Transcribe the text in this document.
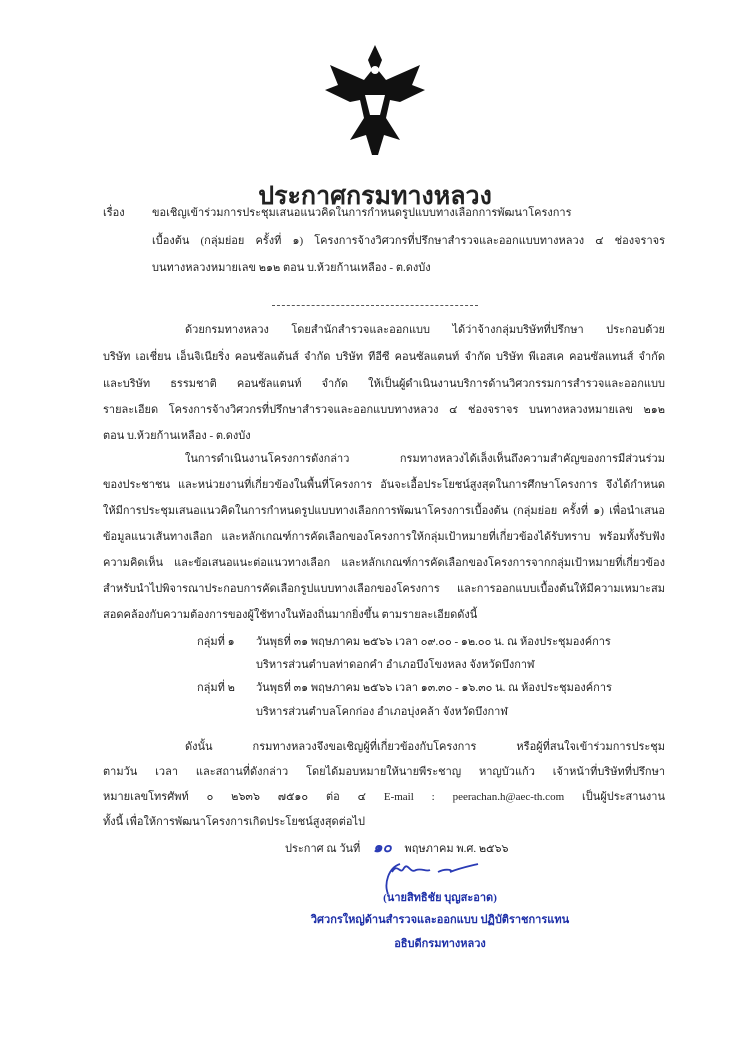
ประกาศกรมทางหลวง
เรื่อง ขอเชิญเข้าร่วมการประชุมเสนอแนวคิดในการกำหนดรูปแบบทางเลือกการพัฒนาโครงการ
เบื้องต้น (กลุ่มย่อย ครั้งที่ ๑) โครงการจ้างวิศวกรที่ปรึกษาสำรวจและออกแบบทางหลวง ๔ ช่องจราจร
บนทางหลวงหมายเลข ๒๑๒ ตอน บ.ห้วยก้านเหลือง - ต.ดงบัง
ด้วยกรมทางหลวง โดยสำนักสำรวจและออกแบบ ได้ว่าจ้างกลุ่มบริษัทที่ปรึกษา ประกอบด้วย
บริษัท เอเชี่ยน เอ็นจิเนียริ่ง คอนซัลแต้นส์ จำกัด บริษัท ทีอีซี คอนซัลแตนท์ จำกัด บริษัท พีเอสเค คอนซัลแทนส์ จำกัด
และบริษัท ธรรมชาติ คอนซัลแตนท์ จำกัด ให้เป็นผู้ดำเนินงานบริการด้านวิศวกรรมการสำรวจและออกแบบ
รายละเอียด โครงการจ้างวิศวกรที่ปรึกษาสำรวจและออกแบบทางหลวง ๔ ช่องจราจร บนทางหลวงหมายเลข ๒๑๒
ตอน บ.ห้วยก้านเหลือง - ต.ดงบัง
ในการดำเนินงานโครงการดังกล่าว กรมทางหลวงได้เล็งเห็นถึงความสำคัญของการมีส่วนร่วม
ของประชาชน และหน่วยงานที่เกี่ยวข้องในพื้นที่โครงการ อันจะเอื้อประโยชน์สูงสุดในการศึกษาโครงการ จึงได้กำหนด
ให้มีการประชุมเสนอแนวคิดในการกำหนดรูปแบบทางเลือกการพัฒนาโครงการเบื้องต้น (กลุ่มย่อย ครั้งที่ ๑) เพื่อนำเสนอ
ข้อมูลแนวเส้นทางเลือก และหลักเกณฑ์การคัดเลือกของโครงการให้กลุ่มเป้าหมายที่เกี่ยวข้องได้รับทราบ พร้อมทั้งรับฟัง
ความคิดเห็น และข้อเสนอแนะต่อแนวทางเลือก และหลักเกณฑ์การคัดเลือกของโครงการจากกลุ่มเป้าหมายที่เกี่ยวข้อง
สำหรับนำไปพิจารณาประกอบการคัดเลือกรูปแบบทางเลือกของโครงการ และการออกแบบเบื้องต้นให้มีความเหมาะสม
สอดคล้องกับความต้องการของผู้ใช้ทางในท้องถิ่นมากยิ่งขึ้น ตามรายละเอียดดังนี้
กลุ่มที่ ๑ วันพุธที่ ๓๑ พฤษภาคม ๒๕๖๖ เวลา ๐๙.๐๐ - ๑๒.๐๐ น. ณ ห้องประชุมองค์การ
บริหารส่วนตำบลท่าดอกคำ อำเภอบึงโขงหลง จังหวัดบึงกาฬ
กลุ่มที่ ๒ วันพุธที่ ๓๑ พฤษภาคม ๒๕๖๖ เวลา ๑๓.๓๐ - ๑๖.๓๐ น. ณ ห้องประชุมองค์การ
บริหารส่วนตำบลโคกก่อง อำเภอบุ่งคล้า จังหวัดบึงกาฬ
ดังนั้น กรมทางหลวงจึงขอเชิญผู้ที่เกี่ยวข้องกับโครงการ หรือผู้ที่สนใจเข้าร่วมการประชุม
ตามวัน เวลา และสถานที่ดังกล่าว โดยได้มอบหมายให้นายพีระชาญ หาญบัวแก้ว เจ้าหน้าที่บริษัทที่ปรึกษา
หมายเลขโทรศัพท์ ๐ ๒๖๓๖ ๗๕๑๐ ต่อ ๔ E-mail : peerachan.h@aec-th.com เป็นผู้ประสานงาน
ทั้งนี้ เพื่อให้การพัฒนาโครงการเกิดประโยชน์สูงสุดต่อไป
ประกาศ ณ วันที่ ๑๐ พฤษภาคม พ.ศ. ๒๕๖๖
(นายสิทธิชัย บุญสะอาด)
วิศวกรใหญ่ด้านสำรวจและออกแบบ ปฏิบัติราชการแทน
อธิบดีกรมทางหลวง
